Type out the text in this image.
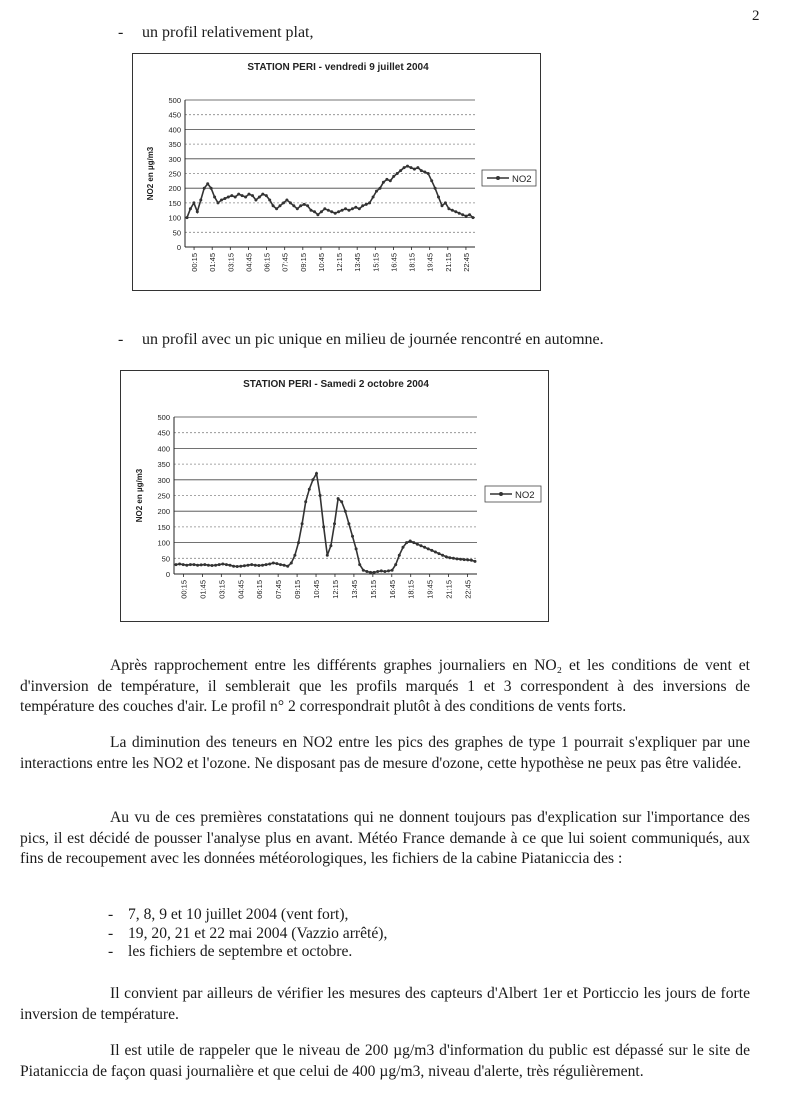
2
- un profil relativement plat,
STATION PERI - vendredi 9 juillet 2004
NO2 en µg/m3
500
450
400
350
300
250
200
150
100
50
0
00:15 01:45 03:15 04:45 06:15 07:45 09:15 10:45 12:15 13:45 15:15 16:45 18:15 19:45 21:15 22:45
NO2
- un profil avec un pic unique en milieu de journée rencontré en automne.
STATION PERI - Samedi 2 octobre 2004
NO2 en µg/m3
500
450
400
350
300
250
200
150
100
50
0
00:15 01:45 03:15 04:45 06:15 07:45 09:15 10:45 12:15 13:45 15:15 16:45 18:15 19:45 21:15 22:45
NO2

Après rapprochement entre les différents graphes journaliers en NO₂ et les conditions de vent et d'inversion de température, il semblerait que les profils marqués 1 et 3 correspondent à des inversions de température des couches d'air. Le profil n° 2 correspondrait plutôt à des conditions de vents forts.

La diminution des teneurs en NO2 entre les pics des graphes de type 1 pourrait s'expliquer par une interactions entre les NO2 et l'ozone. Ne disposant pas de mesure d'ozone, cette hypothèse ne peux pas être validée.

Au vu de ces premières constatations qui ne donnent toujours pas d'explication sur l'importance des pics, il est décidé de pousser l'analyse plus en avant. Météo France demande à ce que lui soient communiqués, aux fins de recoupement avec les données météorologiques, les fichiers de la cabine Piataniccia des :

- 7, 8, 9 et 10 juillet 2004 (vent fort),
- 19, 20, 21 et 22 mai 2004 (Vazzio arrêté),
- les fichiers de septembre et octobre.

Il convient par ailleurs de vérifier les mesures des capteurs d'Albert 1er et Porticcio les jours de forte inversion de température.

Il est utile de rappeler que le niveau de 200 µg/m3 d'information du public est dépassé sur le site de Piataniccia de façon quasi journalière et que celui de 400 µg/m3, niveau d'alerte, très régulièrement.
